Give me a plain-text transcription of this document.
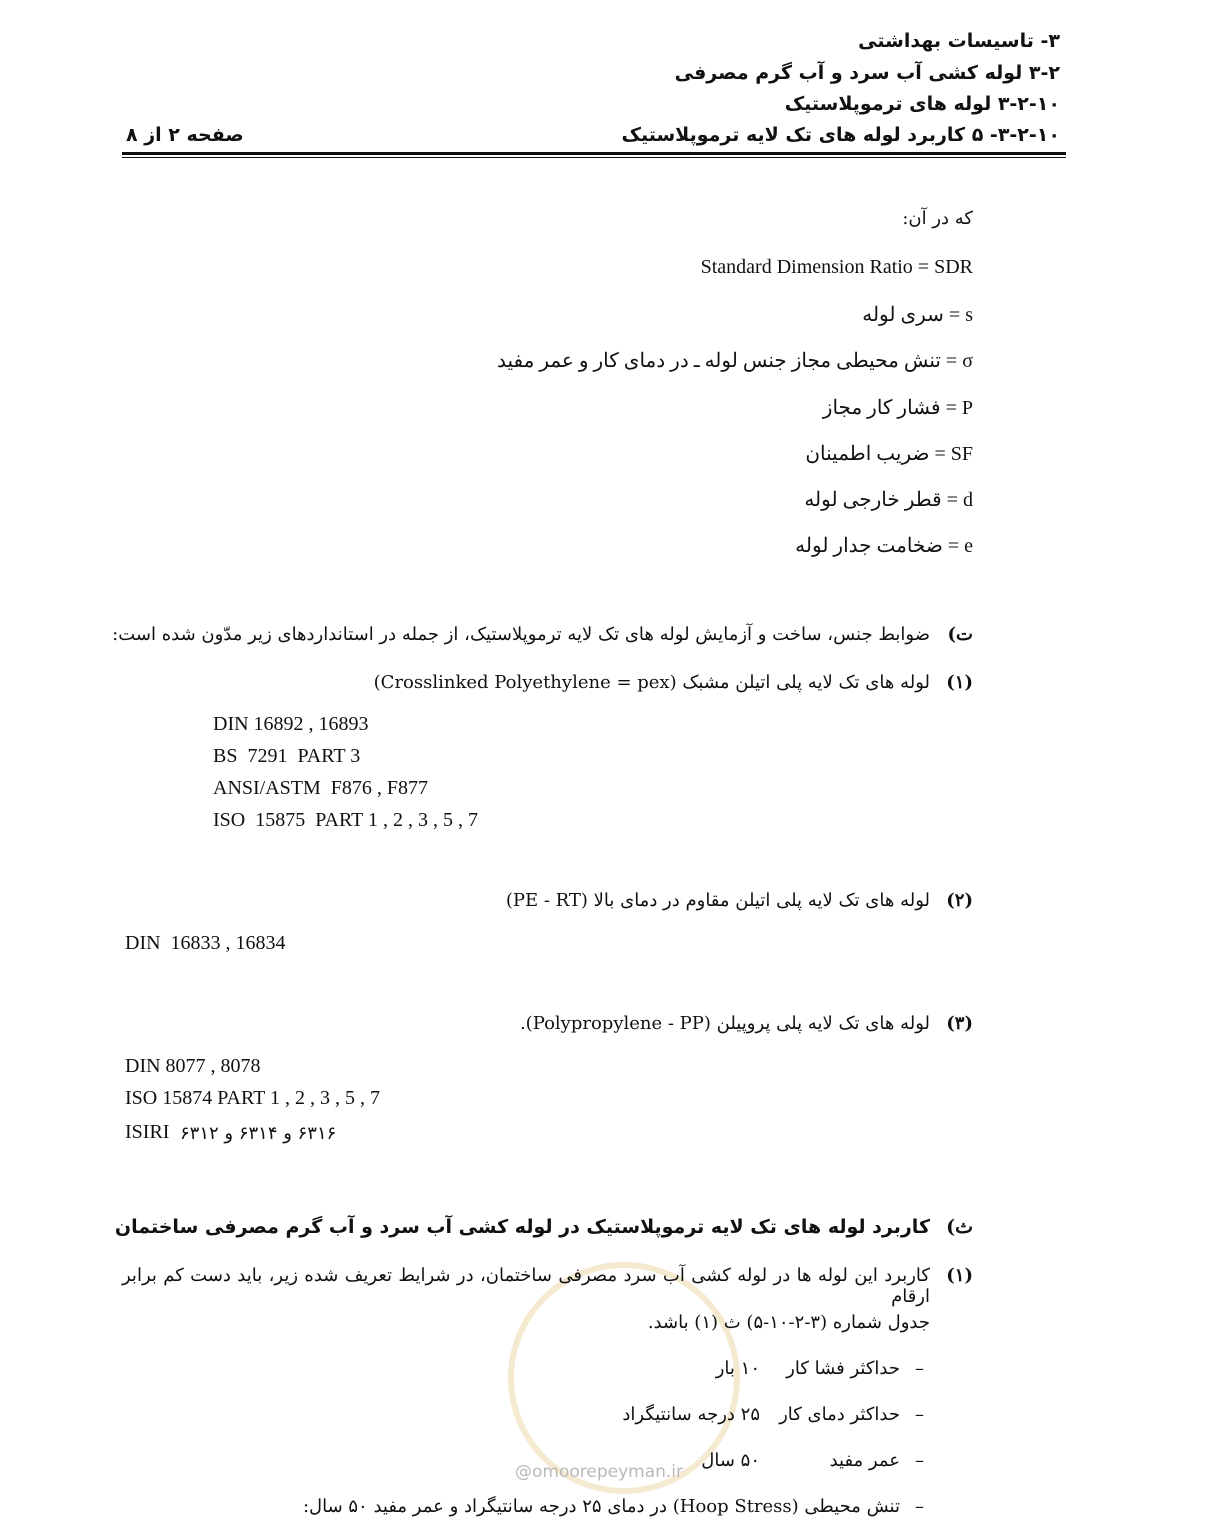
۳- تاسیسات بهداشتی
۳-۲ لوله کشی آب سرد و آب گرم مصرفی
۳-۲-۱۰ لوله های ترموپلاستیک
۳-۲-۱۰- ۵ کاربرد لوله های تک لایه ترموپلاستیک
صفحه ۲ از ۸
که در آن:
Standard Dimension Ratio = SDR
s = سری لوله
σ = تنش محیطی مجاز جنس لوله ـ در دمای کار و عمر مفید
P = فشار کار مجاز
SF = ضریب اطمینان
d = قطر خارجی لوله
e = ضخامت جدار لوله
ت)
ضوابط جنس، ساخت و آزمایش لوله های تک لایه ترموپلاستیک، از جمله در استانداردهای زیر مدّون شده است:
(۱)
لوله های تک لایه پلی اتیلن مشبک (Crosslinked Polyethylene = pex)
DIN 16892 , 16893
BS  7291  PART 3
ANSI/ASTM  F876 , F877
ISO  15875  PART 1 , 2 , 3 , 5 , 7
(۲)
لوله های تک لایه پلی اتیلن مقاوم در دمای بالا (PE - RT)
DIN  16833 , 16834
(۳)
لوله های تک لایه پلی پروپیلن (Polypropylene - PP).
DIN 8077 , 8078
ISO 15874 PART 1 , 2 , 3 , 5 , 7
ISIRI ۶۳۱۶ و ۶۳۱۴ و ۶۳۱۲
ث)
کاربرد لوله های تک لایه ترموپلاستیک در لوله کشی آب سرد و آب گرم مصرفی ساختمان
(۱)
کاربرد این لوله ها در لوله کشی آب سرد مصرفی ساختمان، در شرایط تعریف شده زیر، باید دست کم برابر ارقام
جدول شماره (۳-۲-۱۰-۵) ث (۱) باشد.
–
حداکثر فشا کار
۱۰ بار
–
حداکثر دمای کار
۲۵ درجه سانتیگراد
–
عمر مفید
۵۰ سال
@omoorepeyman.ir
–
تنش محیطی (Hoop Stress) در دمای ۲۵ درجه سانتیگراد و عمر مفید ۵۰ سال:
